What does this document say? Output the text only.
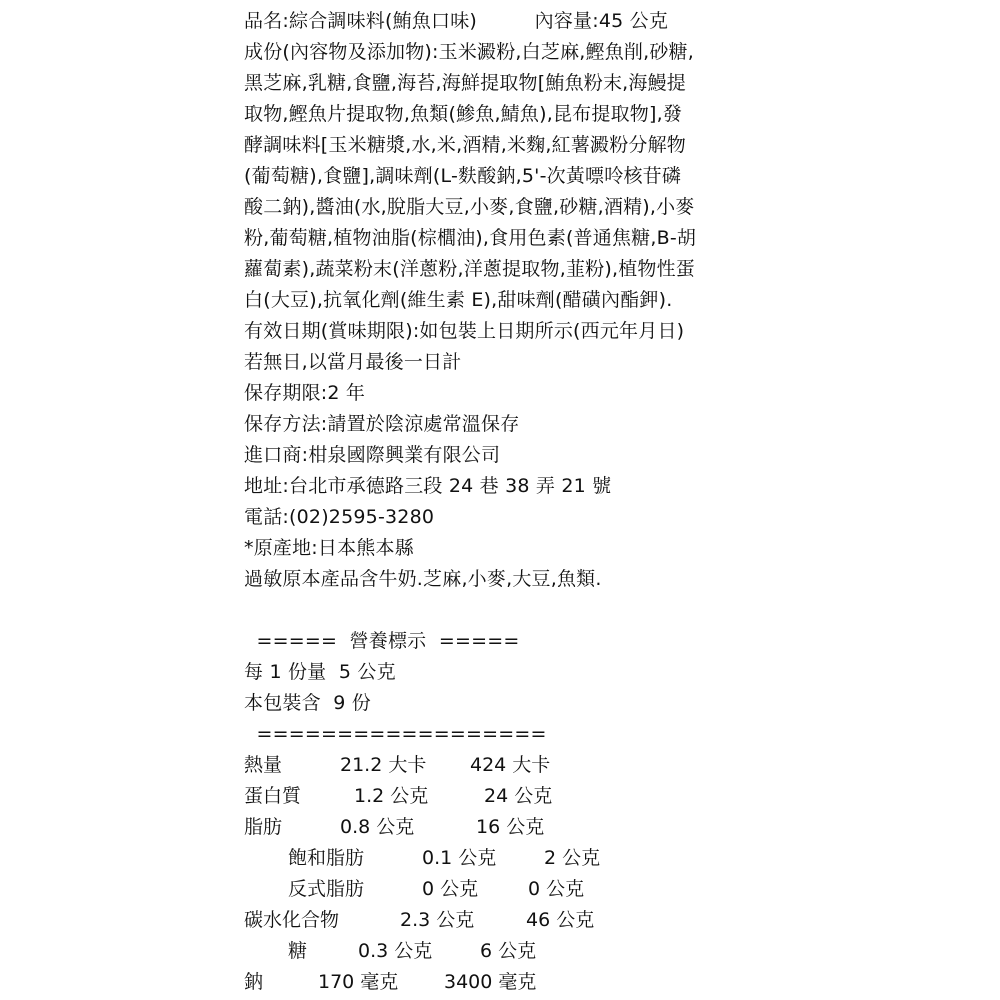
品名:綜合調味料(鮪魚口味)　　　內容量:45 公克
成份(內容物及添加物):玉米澱粉,白芝麻,鰹魚削,砂糖,
黑芝麻,乳糖,食鹽,海苔,海鮮提取物[鮪魚粉末,海鰻提
取物,鰹魚片提取物,魚類(鯵魚,鯖魚),昆布提取物],發
酵調味料[玉米糖漿,水,米,酒精,米麴,紅薯澱粉分解物
(葡萄糖),食鹽],調味劑(L-麩酸鈉,5'-次黃嘌呤核苷磷
酸二鈉),醬油(水,脫脂大豆,小麥,食鹽,砂糖,酒精),小麥
粉,葡萄糖,植物油脂(棕櫚油),食用色素(普通焦糖,B-胡
蘿蔔素),蔬菜粉末(洋蔥粉,洋蔥提取物,韮粉),植物性蛋
白(大豆),抗氧化劑(維生素 E),甜味劑(醋磺內酯鉀).
有效日期(賞味期限):如包裝上日期所示(西元年月日)
若無日,以當月最後一日計
保存期限:2 年
保存方法:請置於陰涼處常溫保存
進口商:柑泉國際興業有限公司
地址:台北市承德路三段 24 巷 38 弄 21 號
電話:(02)2595-3280
*原產地:日本熊本縣
過敏原本產品含牛奶.芝麻,小麥,大豆,魚類.
=====  營養標示  =====
每 1 份量  5 公克
本包裝含  9 份
==================
熱量	21.2 大卡 424 大卡
蛋白質	1.2 公克	24 公克
脂肪	0.8 公克	16 公克
飽和脂肪	0.1 公克	2 公克
反式脂肪	0 公克	0 公克
碳水化合物	2.3 公克	46 公克
糖	0.3 公克	6 公克
鈉	170 毫克 3400 毫克
